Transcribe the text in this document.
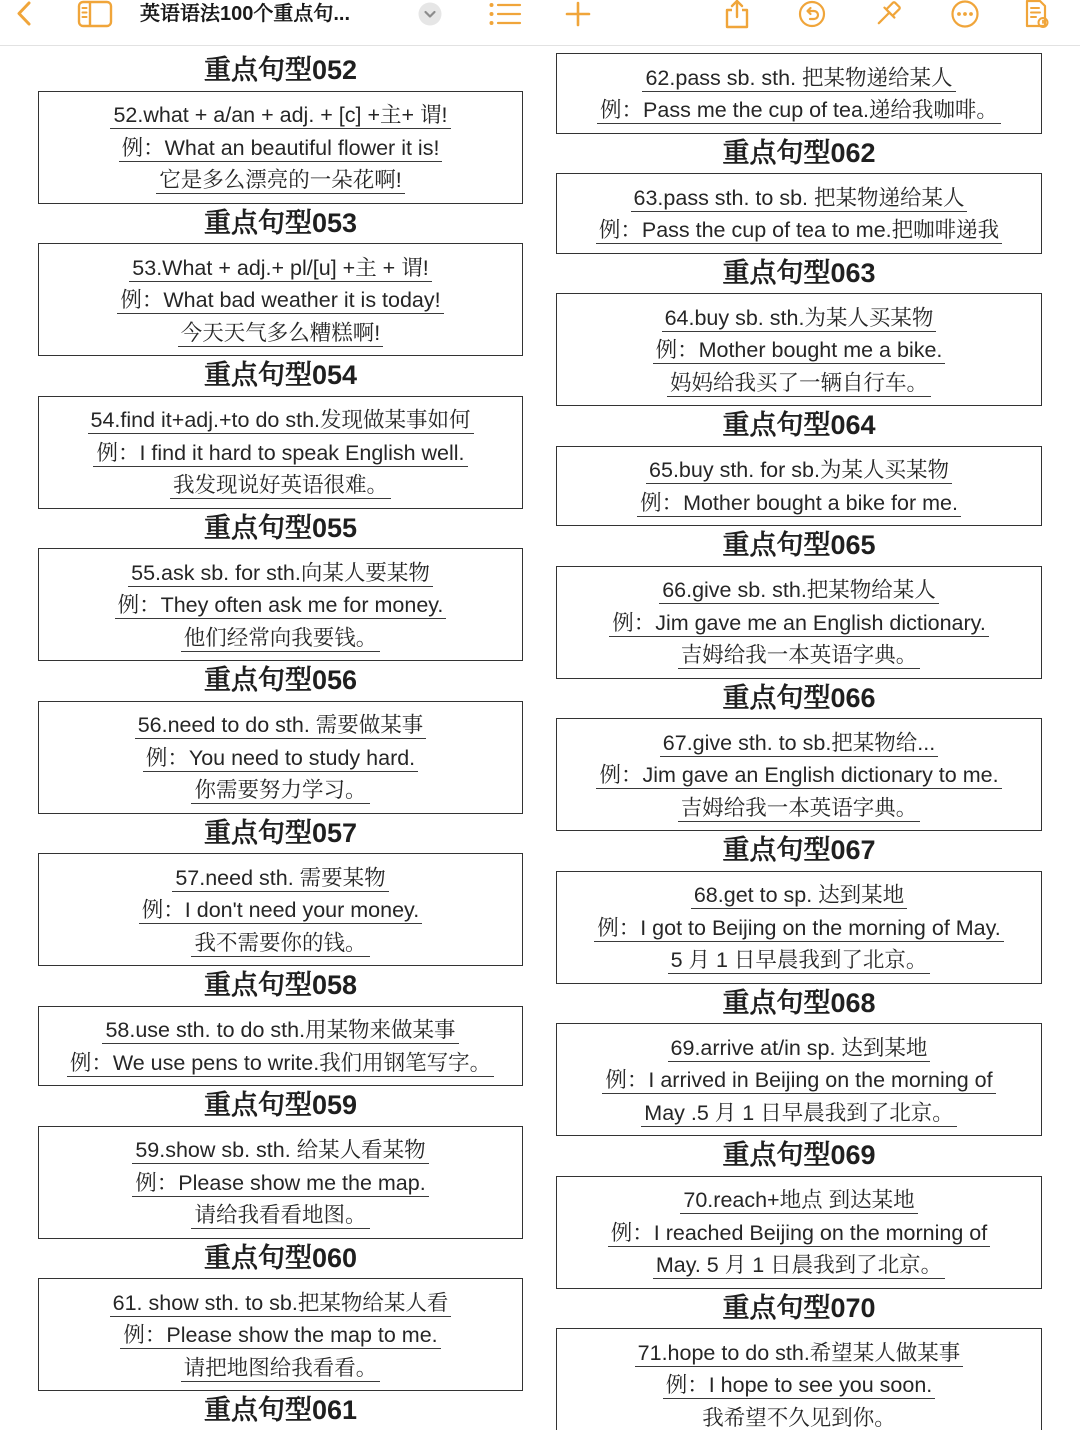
英语语法100个重点句...
重点句型052
52.what + a/an + adj. + [c] +主+ 谓!
例：What an beautiful flower it is!
它是多么漂亮的一朵花啊!
重点句型053
53.What + adj.+ pl/[u] +主 + 谓!
例：What bad weather it is today!
今天天气多么糟糕啊!
重点句型054
54.find it+adj.+to do sth.发现做某事如何
例：I find it hard to speak English well.
我发现说好英语很难。
重点句型055
55.ask sb. for sth.向某人要某物
例：They often ask me for money.
他们经常向我要钱。
重点句型056
56.need to do sth. 需要做某事
例：You need to study hard.
你需要努力学习。
重点句型057
57.need sth. 需要某物
例：I don't need your money.
我不需要你的钱。
重点句型058
58.use sth. to do sth.用某物来做某事
例：We use pens to write.我们用钢笔写字。
重点句型059
59.show sb. sth. 给某人看某物
例：Please show me the map.
请给我看看地图。
重点句型060
61. show sth. to sb.把某物给某人看
例：Please show the map to me.
请把地图给我看看。
重点句型061
62.pass sb. sth. 把某物递给某人
例：Pass me the cup of tea.递给我咖啡。
重点句型062
63.pass sth. to sb. 把某物递给某人
例：Pass the cup of tea to me.把咖啡递我
重点句型063
64.buy sb. sth.为某人买某物
例：Mother bought me a bike.
妈妈给我买了一辆自行车。
重点句型064
65.buy sth. for sb.为某人买某物
例：Mother bought a bike for me.
重点句型065
66.give sb. sth.把某物给某人
例：Jim gave me an English dictionary.
吉姆给我一本英语字典。
重点句型066
67.give sth. to sb.把某物给...
例：Jim gave an English dictionary to me.
吉姆给我一本英语字典。
重点句型067
68.get to sp. 达到某地
例：I got to Beijing on the morning of May.
5 月 1 日早晨我到了北京。
重点句型068
69.arrive at/in sp. 达到某地
例：I arrived in Beijing on the morning of
May .5 月 1 日早晨我到了北京。
重点句型069
70.reach+地点 到达某地
例：I reached Beijing on the morning of
May. 5 月 1 日晨我到了北京。
重点句型070
71.hope to do sth.希望某人做某事
例：I hope to see you soon.
我希望不久见到你。
